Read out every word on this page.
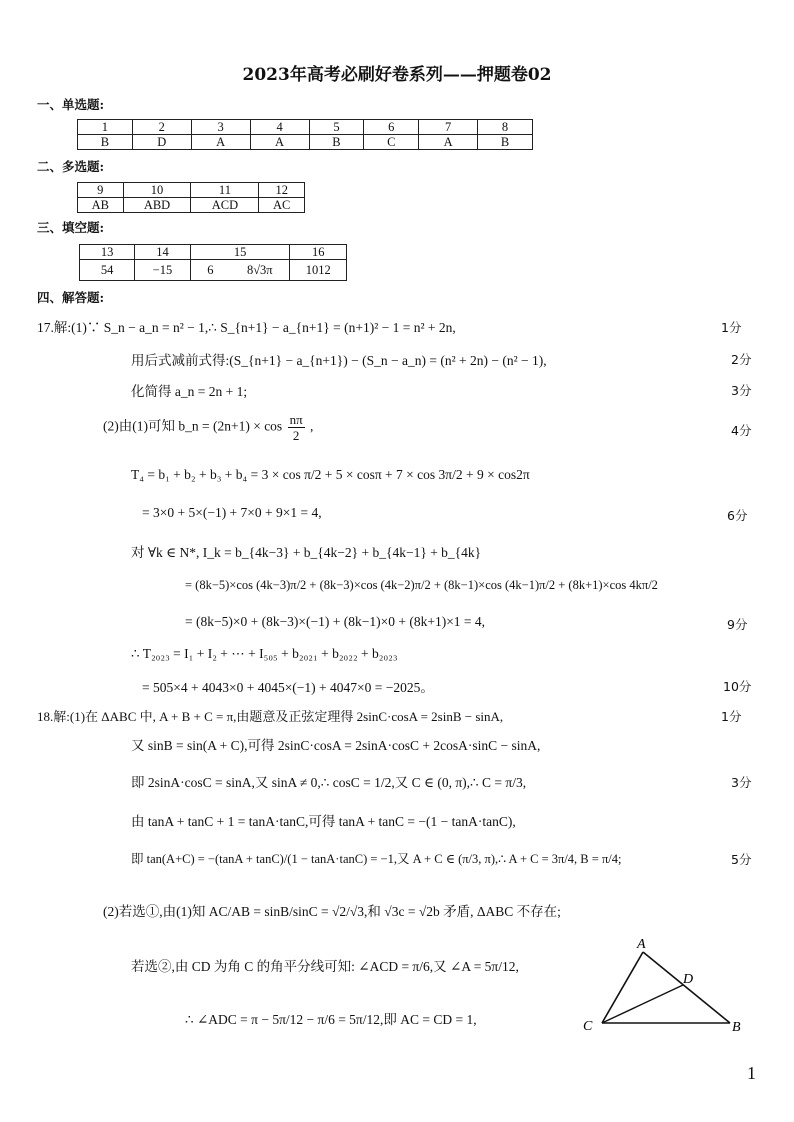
2023年高考必刷好卷系列——押题卷02
一、单选题:
1	2	3	4	5	6	7	8
B	D	A	A	B	C	A	B
二、多选题:
9	10	11	12
AB	ABD	ACD	AC
三、填空题:
13	14	15		16
54	−15	6	8√3π	1012
四、解答题:
17.解:(1)∵ S_n − a_n = n² − 1,∴ S_{n+1} − a_{n+1} = (n+1)² − 1 = n² + 2n,	1分
用后式减前式得:(S_{n+1} − a_{n+1}) − (S_n − a_n) = (n² + 2n) − (n² − 1),	2分
化简得 a_n = 2n + 1;	3分
(2)由(1)可知 b_n = $(2n+1) \times \cos \frac{n\pi}{2}$ ,	4分
T₄ = b₁ + b₂ + b₃ + b₄ = 3 × cos π/2 + 5 × cosπ + 7 × cos 3π/2 + 9 × cos2π
= 3×0 + 5×(−1) + 7×0 + 9×1 = 4,	6分
对 ∀k ∈ N*, I_k = b_{4k−3} + b_{4k−2} + b_{4k−1} + b_{4k}
= (8k−5)×cos (4k−3)π/2 + (8k−3)×cos (4k−2)π/2 + (8k−1)×cos (4k−1)π/2 + (8k+1)×cos 4kπ/2
= (8k−5)×0 + (8k−3)×(−1) + (8k−1)×0 + (8k+1)×1 = 4,	9分
∴ T₂₀₂₃ = I₁ + I₂ + ⋯ + I₅₀₅ + b₂₀₂₁ + b₂₀₂₂ + b₂₀₂₃
= 505×4 + 4043×0 + 4045×(−1) + 4047×0 = −2025。	10分
18.解:(1)在 ΔABC 中, A + B + C = π,由题意及正弦定理得 2sinC·cosA = 2sinB − sinA,	1分
又 sinB = sin(A + C),可得 2sinC·cosA = 2sinA·cosC + 2cosA·sinC − sinA,
即 2sinA·cosC = sinA,又 sinA ≠ 0,∴ cosC = 1/2,又 C ∈ (0, π),∴ C = π/3,	3分
由 tanA + tanC + 1 = tanA·tanC,可得 tanA + tanC = −(1 − tanA·tanC),
即 tan(A+C) = −(tanA + tanC)/(1 − tanA·tanC) = −1,又 A + C ∈ (π/3, π),∴ A + C = 3π/4, B = π/4;	5分
(2)若选①,由(1)知 AC/AB = sinB/sinC = √2/√3,和 √3c = √2b 矛盾, ΔABC 不存在;
若选②,由 CD 为角 C 的角平分线可知: ∠ACD = π/6,又 ∠A = 5π/12,
∴ ∠ADC = π − 5π/12 − π/6 = 5π/12,即 AC = CD = 1,
A
D
C	B
1
